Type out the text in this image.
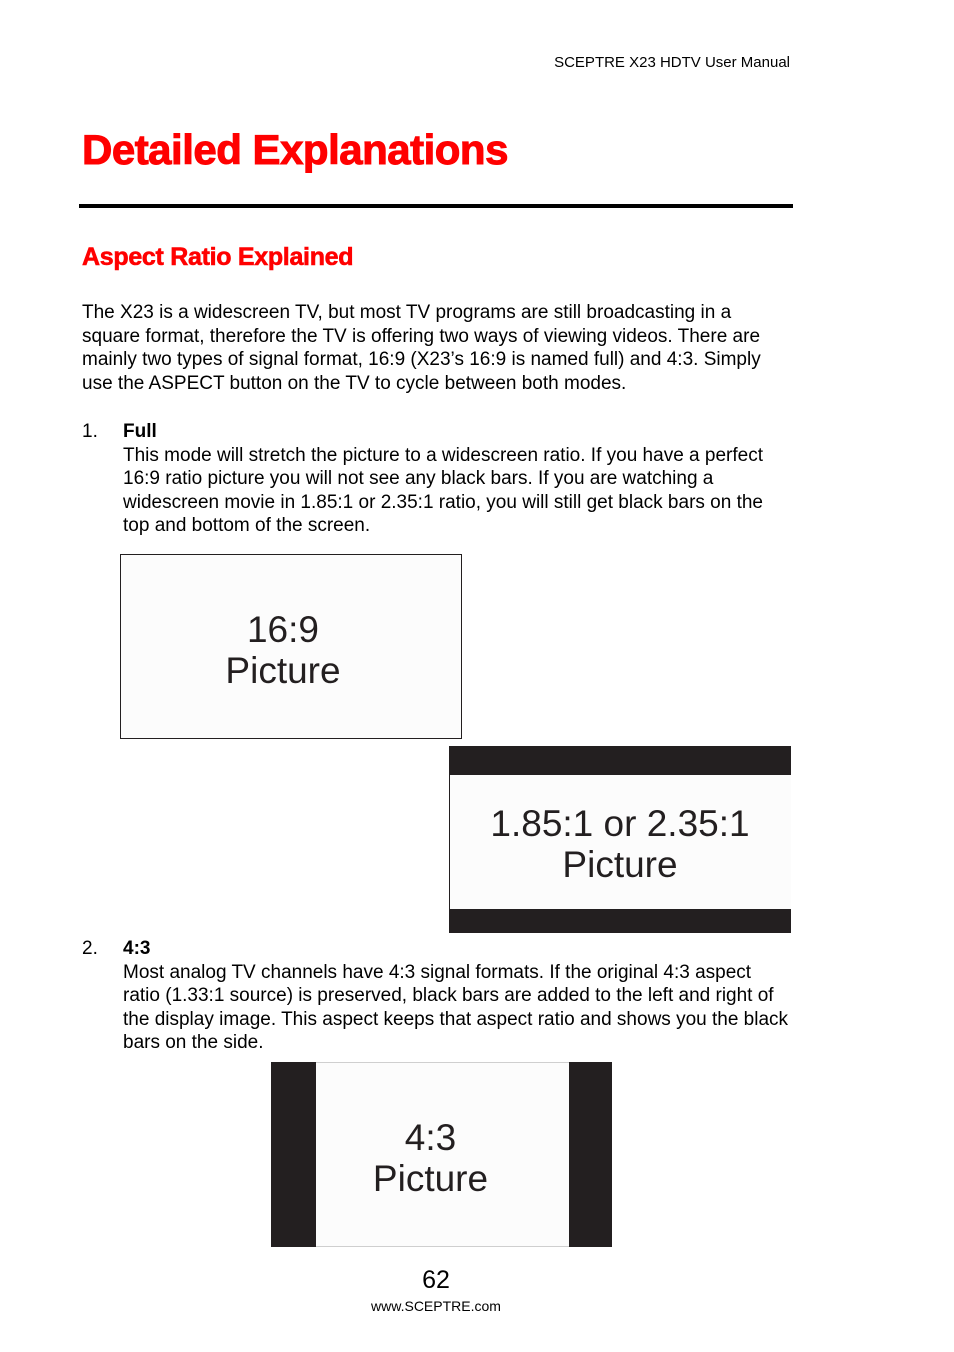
SCEPTRE X23 HDTV User Manual
Detailed Explanations
Aspect Ratio Explained

The X23 is a widescreen TV, but most TV programs are still broadcasting in a square format, therefore the TV is offering two ways of viewing videos. There are mainly two types of signal format, 16:9 (X23’s 16:9 is named full) and 4:3. Simply use the ASPECT button on the TV to cycle between both modes.

1. Full

This mode will stretch the picture to a widescreen ratio. If you have a perfect 16:9 ratio picture you will not see any black bars. If you are watching a widescreen movie in 1.85:1 or 2.35:1 ratio, you will still get black bars on the top and bottom of the screen.

16:9
Picture
1.85:1 or 2.35:1
Picture
2. 4:3

Most analog TV channels have 4:3 signal formats. If the original 4:3 aspect ratio (1.33:1 source) is preserved, black bars are added to the left and right of the display image. This aspect keeps that aspect ratio and shows you the black bars on the side.

4:3
Picture
62
www.SCEPTRE.com
